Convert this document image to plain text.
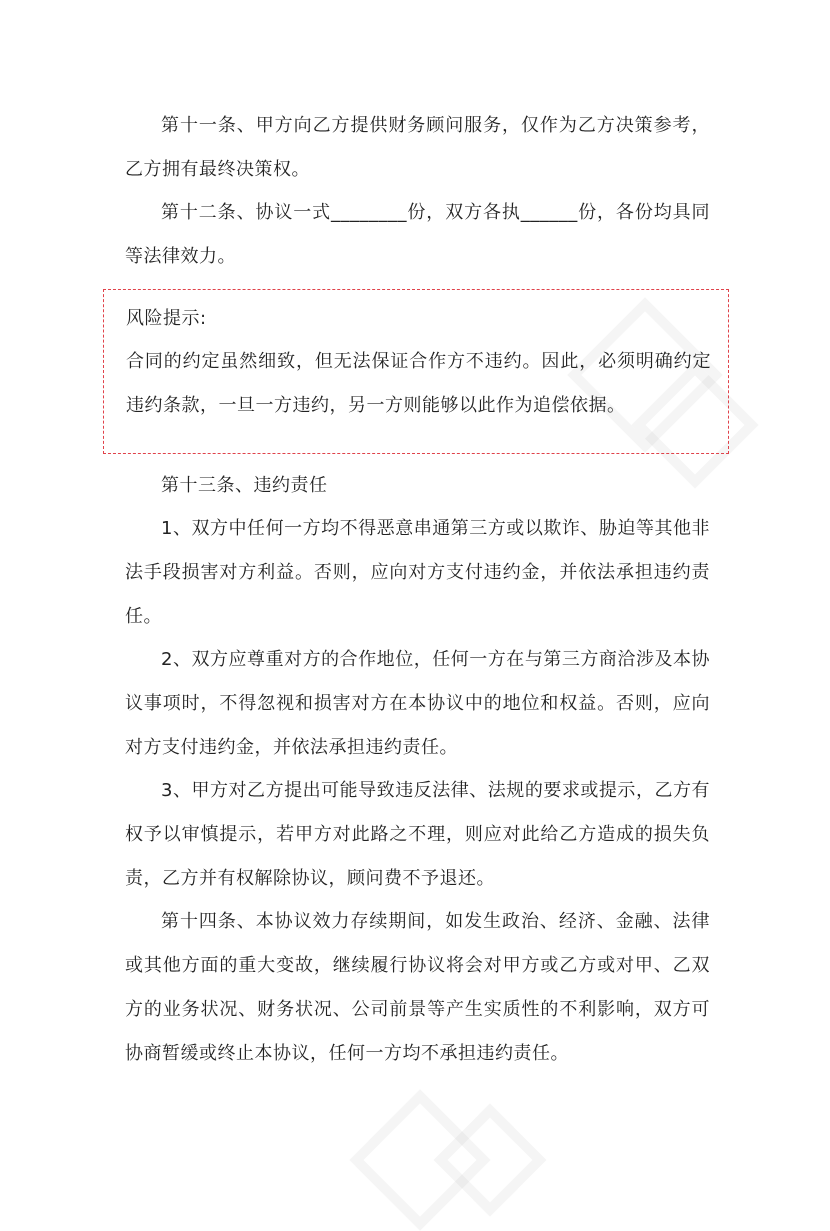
第十一条、甲方向乙方提供财务顾问服务，仅作为乙方决策参考，乙方拥有最终决策权。

第十二条、协议一式________份，双方各执______份，各份均具同等法律效力。

风险提示:

合同的约定虽然细致，但无法保证合作方不违约。因此，必须明确约定违约条款，一旦一方违约，另一方则能够以此作为追偿依据。

第十三条、违约责任

1、双方中任何一方均不得恶意串通第三方或以欺诈、胁迫等其他非法手段损害对方利益。否则，应向对方支付违约金，并依法承担违约责任。

2、双方应尊重对方的合作地位，任何一方在与第三方商洽涉及本协议事项时，不得忽视和损害对方在本协议中的地位和权益。否则，应向对方支付违约金，并依法承担违约责任。

3、甲方对乙方提出可能导致违反法律、法规的要求或提示，乙方有权予以审慎提示，若甲方对此路之不理，则应对此给乙方造成的损失负责，乙方并有权解除协议，顾问费不予退还。

第十四条、本协议效力存续期间，如发生政治、经济、金融、法律或其他方面的重大变故，继续履行协议将会对甲方或乙方或对甲、乙双方的业务状况、财务状况、公司前景等产生实质性的不利影响，双方可协商暂缓或终止本协议，任何一方均不承担违约责任。
